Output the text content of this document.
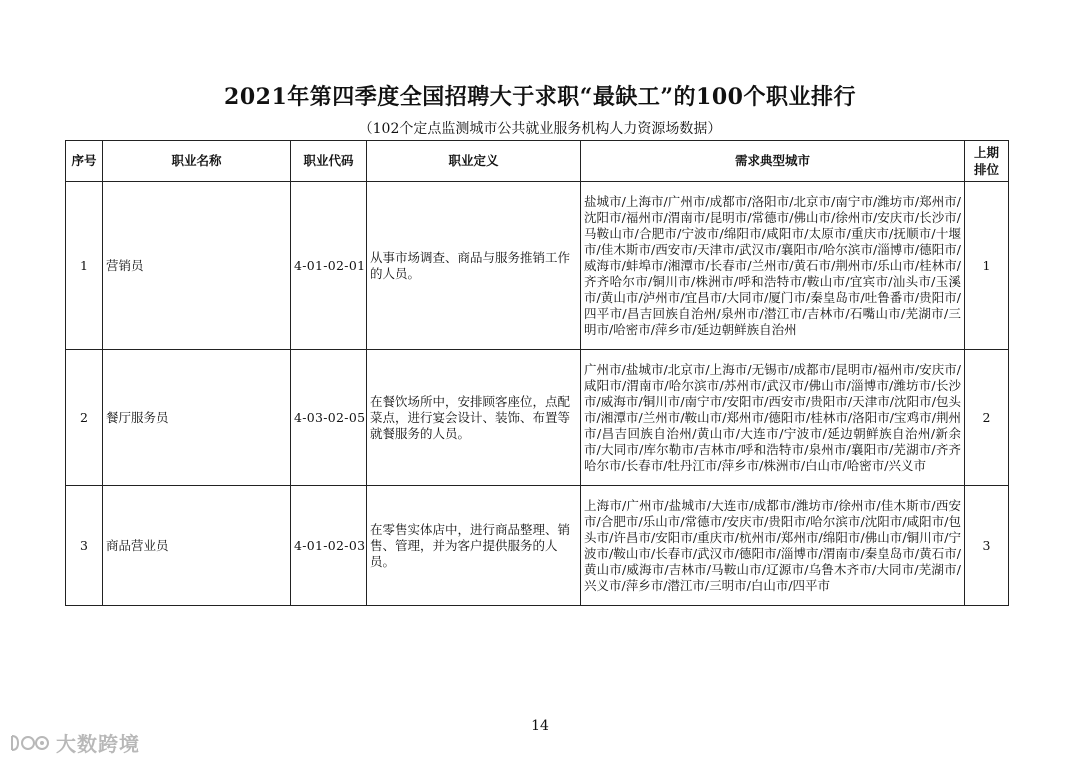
2021年第四季度全国招聘大于求职“最缺工”的100个职业排行
（102个定点监测城市公共就业服务机构人力资源场数据）
序号	职业名称	职业代码	职业定义	需求典型城市	上期
排位
1	营销员	4-01-02-01	从事市场调查、商品与服务推销工作的人员。	盐城市/上海市/广州市/成都市/洛阳市/北京市/南宁市/潍坊市/郑州市/沈阳市/福州市/渭南市/昆明市/常德市/佛山市/徐州市/安庆市/长沙市/马鞍山市/合肥市/宁波市/绵阳市/咸阳市/太原市/重庆市/抚顺市/十堰市/佳木斯市/西安市/天津市/武汉市/襄阳市/哈尔滨市/淄博市/德阳市/威海市/蚌埠市/湘潭市/长春市/兰州市/黄石市/荆州市/乐山市/桂林市/齐齐哈尔市/铜川市/株洲市/呼和浩特市/鞍山市/宜宾市/汕头市/玉溪市/黄山市/泸州市/宜昌市/大同市/厦门市/秦皇岛市/吐鲁番市/贵阳市/四平市/昌吉回族自治州/泉州市/潜江市/吉林市/石嘴山市/芜湖市/三明市/哈密市/萍乡市/延边朝鲜族自治州	1
2	餐厅服务员	4-03-02-05	在餐饮场所中，安排顾客座位，点配菜点，进行宴会设计、装饰、布置等就餐服务的人员。	广州市/盐城市/北京市/上海市/无锡市/成都市/昆明市/福州市/安庆市/咸阳市/渭南市/哈尔滨市/苏州市/武汉市/佛山市/淄博市/潍坊市/长沙市/威海市/铜川市/南宁市/安阳市/西安市/贵阳市/天津市/沈阳市/包头市/湘潭市/兰州市/鞍山市/郑州市/德阳市/桂林市/洛阳市/宝鸡市/荆州市/昌吉回族自治州/黄山市/大连市/宁波市/延边朝鲜族自治州/新余市/大同市/库尔勒市/吉林市/呼和浩特市/泉州市/襄阳市/芜湖市/齐齐哈尔市/长春市/牡丹江市/萍乡市/株洲市/白山市/哈密市/兴义市	2
3	商品营业员	4-01-02-03	在零售实体店中，进行商品整理、销售、管理，并为客户提供服务的人员。	上海市/广州市/盐城市/大连市/成都市/潍坊市/徐州市/佳木斯市/西安市/合肥市/乐山市/常德市/安庆市/贵阳市/哈尔滨市/沈阳市/咸阳市/包头市/许昌市/安阳市/重庆市/杭州市/郑州市/绵阳市/佛山市/铜川市/宁波市/鞍山市/长春市/武汉市/德阳市/淄博市/渭南市/秦皇岛市/黄石市/黄山市/威海市/吉林市/马鞍山市/辽源市/乌鲁木齐市/大同市/芜湖市/兴义市/萍乡市/潜江市/三明市/白山市/四平市	3
14
大数跨境
